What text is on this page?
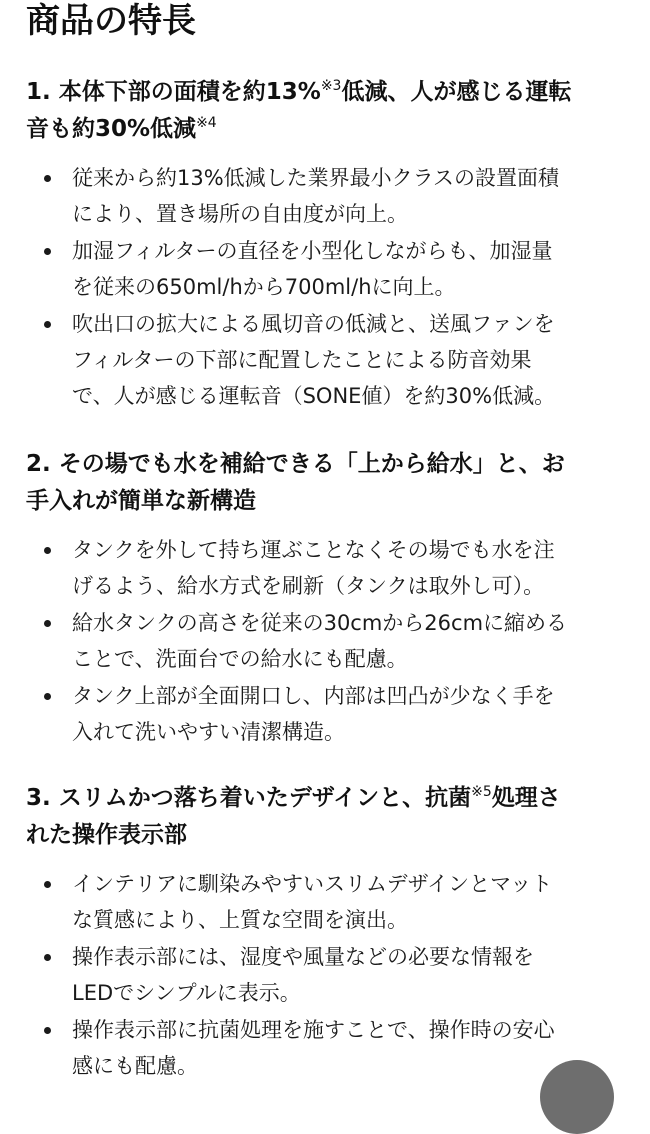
商品の特長
1. 本体下部の面積を約13%$^{※3}$低減、人が感じる運転
音も約30%低減$^{※4}$
従来から約13%低減した業界最小クラスの設置面積
により、置き場所の自由度が向上。
加湿フィルターの直径を小型化しながらも、加湿量
を従来の650ml/hから700ml/hに向上。
吹出口の拡大による風切音の低減と、送風ファンを
フィルターの下部に配置したことによる防音効果
で、人が感じる運転音（SONE値）を約30%低減。
2. その場でも水を補給できる「上から給水」と、お
手入れが簡単な新構造
タンクを外して持ち運ぶことなくその場でも水を注
げるよう、給水方式を刷新（タンクは取外し可）。
給水タンクの高さを従来の30cmから26cmに縮める
ことで、洗面台での給水にも配慮。
タンク上部が全面開口し、内部は凹凸が少なく手を
入れて洗いやすい清潔構造。
3. スリムかつ落ち着いたデザインと、抗菌$^{※5}$処理さ
れた操作表示部
インテリアに馴染みやすいスリムデザインとマット
な質感により、上質な空間を演出。
操作表示部には、湿度や風量などの必要な情報を
LEDでシンプルに表示。
操作表示部に抗菌処理を施すことで、操作時の安心
感にも配慮。
